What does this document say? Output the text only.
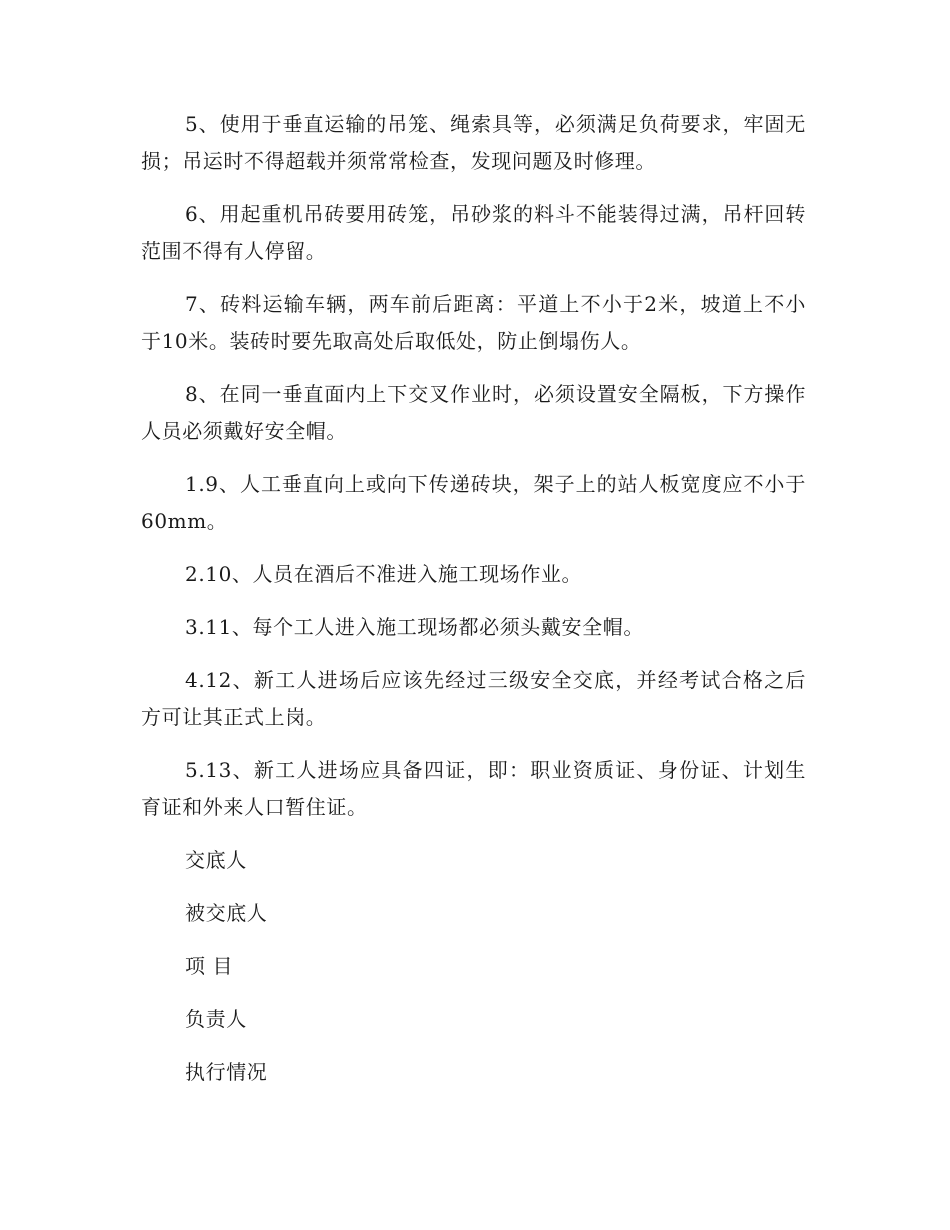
5、使用于垂直运输的吊笼、绳索具等，必须满足负荷要求，牢固无损；吊运时不得超载并须常常检查，发现问题及时修理。

6、用起重机吊砖要用砖笼，吊砂浆的料斗不能装得过满，吊杆回转范围不得有人停留。

7、砖料运输车辆，两车前后距离：平道上不小于2米，坡道上不小于10米。装砖时要先取高处后取低处，防止倒塌伤人。

8、在同一垂直面内上下交叉作业时，必须设置安全隔板，下方操作人员必须戴好安全帽。

1.9、人工垂直向上或向下传递砖块，架子上的站人板宽度应不小于60mm。

2.10、人员在酒后不准进入施工现场作业。

3.11、每个工人进入施工现场都必须头戴安全帽。

4.12、新工人进场后应该先经过三级安全交底，并经考试合格之后方可让其正式上岗。

5.13、新工人进场应具备四证，即：职业资质证、身份证、计划生育证和外来人口暂住证。

交底人

被交底人

项 目

负责人

执行情况
